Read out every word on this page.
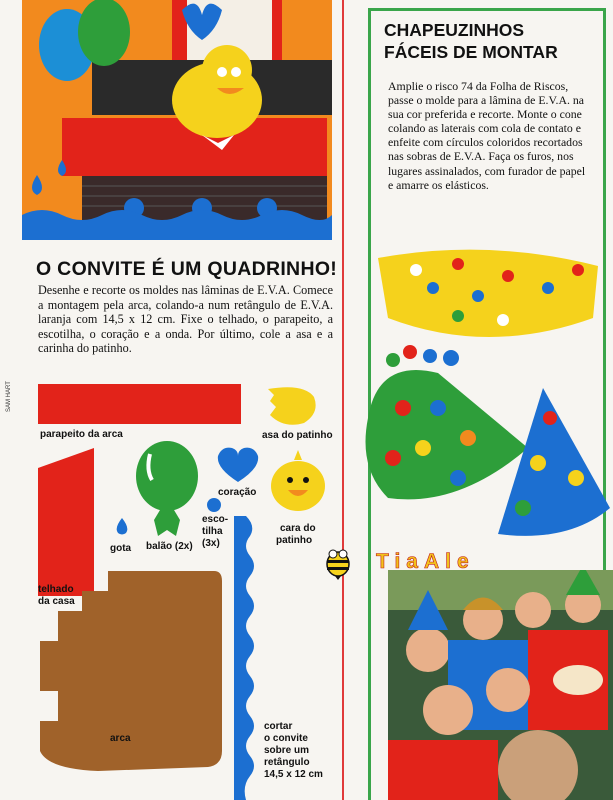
O CONVITE É UM QUADRINHO!

Desenhe e recorte os moldes nas lâminas de E.V.A. Comece a montagem pela arca, colando-a num retângulo de E.V.A. laranja com 14,5 x 12 cm. Fixe o telhado, o parapeito, a escotilha, o coração e a onda. Por último, cole a asa e a carinha do patinho.

SAM HART
parapeito da arca	asa do patinho
telhado
da casa
balão (2x)
coração
cara do
patinho
gota
esco-
tilha
(3x)
arca
cortar
o convite
sobre um
retângulo
14,5 x 12 cm
CHAPEUZINHOS
FÁCEIS DE MONTAR

Amplie o risco 74 da Folha de Riscos, passe o molde para a lâmina de E.V.A. na sua cor preferida e recorte. Monte o cone colando as laterais com cola de contato e enfeite com círculos coloridos recortados nas sobras de E.V.A. Faça os furos, nos lugares assinalados, com furador de papel e amarre os elásticos.

TiaAle
